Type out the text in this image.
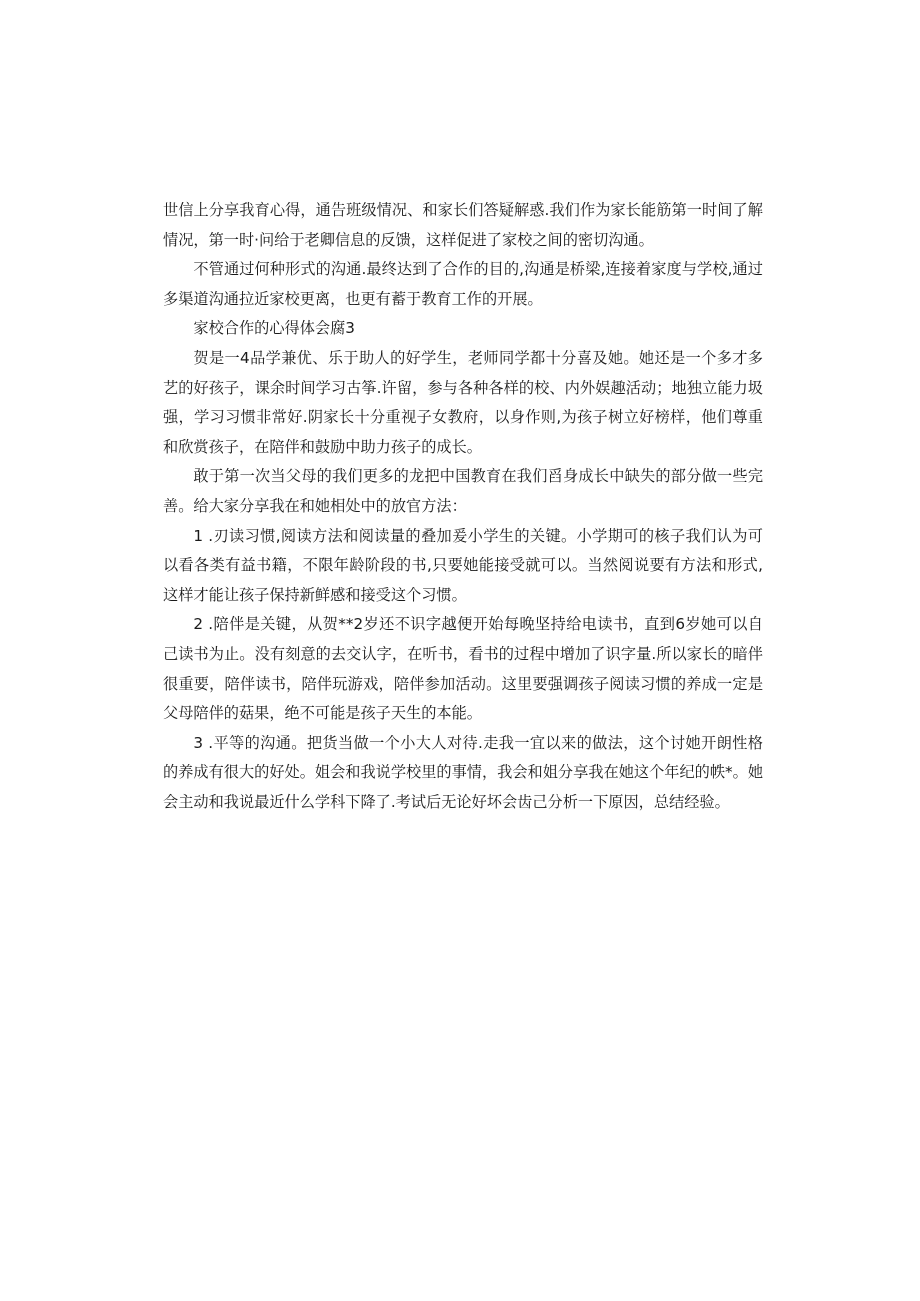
世信上分享我育心得，通告班级情况、和家长们答疑解惑.我们作为家长能筋第一时间了解情况，第一时·问给于老卿信息的反馈，这样促进了家校之间的密切沟通。

不管通过何种形式的沟通.最终达到了合作的目的,沟通是桥梁,连接着家度与学校,通过多渠道沟通拉近家校更离，也更有蓄于教育工作的开展。

家校合作的心得体会腐3

贺是一4品学兼优、乐于助人的好学生，老师同学都十分喜及她。她还是一个多才多艺的好孩子，课余时间学习古筝.许留，参与各种各样的校、内外娱趣活动；地独立能力圾强，学习习惯非常好.阴家长十分重视子女教府，以身作则,为孩子树立好榜样，他们尊重和欣赏孩子，在陪伴和鼓励中助力孩子的成长。

敢于第一次当父母的我们更多的龙把中国教育在我们舀身成长中缺失的部分做一些完善。给大家分享我在和她相处中的放官方法：

1 .刃读习惯,阅读方法和阅读量的叠加爰小学生的关键。小学期可的核子我们认为可以看各类有益书籍，不限年龄阶段的书,只要她能接受就可以。当然阅说要有方法和形式,这样才能让孩子保持新鲜感和接受这个习惯。

2 .陪伴是关键，从贺**2岁还不识字越便开始每晚坚持给电读书，直到6岁她可以自己读书为止。没有刻意的去交认字，在听书，看书的过程中增加了识字量.所以家长的暗伴很重要，陪伴读书，陪伴玩游戏，陪伴参加活动。这里要强调孩子阅读习惯的养成一定是父母陪伴的菇果，绝不可能是孩子天生的本能。

3 .平等的沟通。把货当做一个小大人对待.走我一宜以来的做法，这个讨她开朗性格的养成有很大的好处。姐会和我说学校里的事情，我会和姐分享我在她这个年纪的帙*。她会主动和我说最近什么学科下降了.考试后无论好坏会齿己分析一下原因，总结经验。
